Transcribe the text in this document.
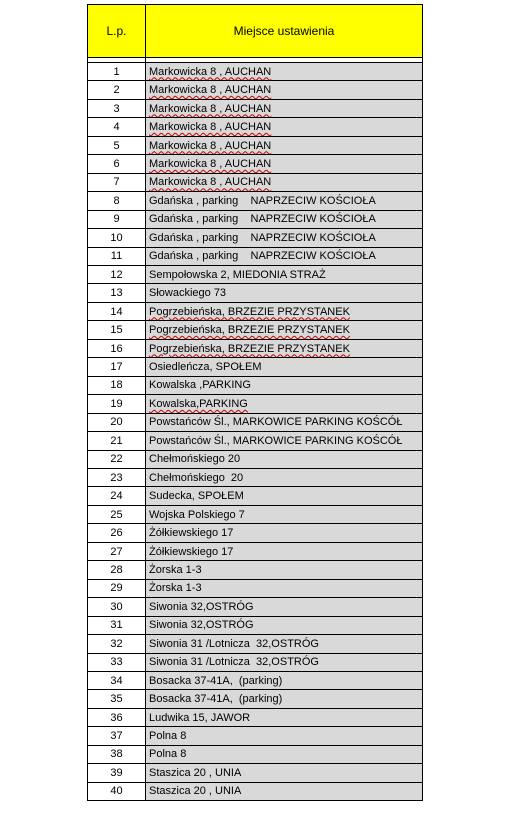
L.p.	Miejsce ustawienia

1	Markowicka 8 , AUCHAN
2	Markowicka 8 , AUCHAN
3	Markowicka 8 , AUCHAN
4	Markowicka 8 , AUCHAN
5	Markowicka 8 , AUCHAN
6	Markowicka 8 , AUCHAN
7	Markowicka 8 , AUCHAN
8	Gdańska , parking    NAPRZECIW KOŚCIOŁA
9	Gdańska , parking    NAPRZECIW KOŚCIOŁA
10	Gdańska , parking    NAPRZECIW KOŚCIOŁA
11	Gdańska , parking    NAPRZECIW KOŚCIOŁA
12	Sempołowska 2, MIEDONIA STRAŻ
13	Słowackiego 73
14	Pogrzebieńska, BRZEZIE PRZYSTANEK
15	Pogrzebieńska, BRZEZIE PRZYSTANEK
16	Pogrzebieńska, BRZEZIE PRZYSTANEK
17	Osiedleńcza, SPOŁEM
18	Kowalska ,PARKING
19	Kowalska,PARKING
20	Powstańców Śl., MARKOWICE PARKING KOŚCÓŁ
21	Powstańców Śl., MARKOWICE PARKING KOŚCÓŁ
22	Chełmońskiego 20
23	Chełmońskiego  20
24	Sudecka, SPOŁEM
25	Wojska Polskiego 7
26	Żółkiewskiego 17
27	Żółkiewskiego 17
28	Żorska 1-3
29	Żorska 1-3
30	Siwonia 32,OSTRÓG
31	Siwonia 32,OSTRÓG
32	Siwonia 31 /Lotnicza  32,OSTRÓG
33	Siwonia 31 /Lotnicza  32,OSTRÓG
34	Bosacka 37-41A,  (parking)
35	Bosacka 37-41A,  (parking)
36	Ludwika 15, JAWOR
37	Polna 8
38	Polna 8
39	Staszica 20 , UNIA
40	Staszica 20 , UNIA
